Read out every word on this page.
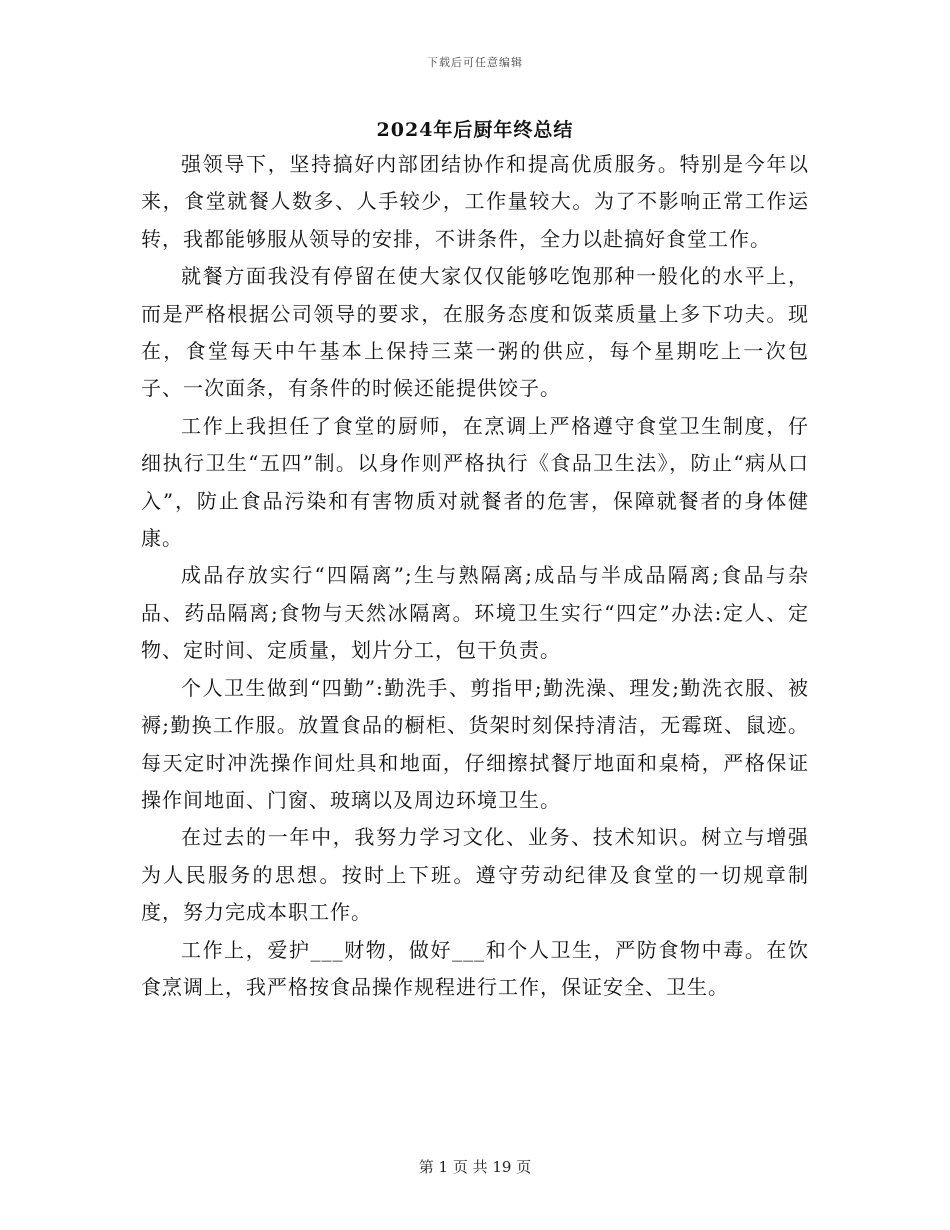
下载后可任意编辑
2024年后厨年终总结

强领导下，坚持搞好内部团结协作和提高优质服务。特别是今年以来，食堂就餐人数多、人手较少，工作量较大。为了不影响正常工作运转，我都能够服从领导的安排，不讲条件，全力以赴搞好食堂工作。

就餐方面我没有停留在使大家仅仅能够吃饱那种一般化的水平上，而是严格根据公司领导的要求，在服务态度和饭菜质量上多下功夫。现在，食堂每天中午基本上保持三菜一粥的供应，每个星期吃上一次包子、一次面条，有条件的时候还能提供饺子。

工作上我担任了食堂的厨师，在烹调上严格遵守食堂卫生制度，仔细执行卫生“五四”制。以身作则严格执行《食品卫生法》，防止“病从口入”，防止食品污染和有害物质对就餐者的危害，保障就餐者的身体健康。

成品存放实行“四隔离”;生与熟隔离;成品与半成品隔离;食品与杂品、药品隔离;食物与天然冰隔离。环境卫生实行“四定”办法:定人、定物、定时间、定质量，划片分工，包干负责。

个人卫生做到“四勤”:勤洗手、剪指甲;勤洗澡、理发;勤洗衣服、被褥;勤换工作服。放置食品的橱柜、货架时刻保持清洁，无霉斑、鼠迹。每天定时冲洗操作间灶具和地面，仔细擦拭餐厅地面和桌椅，严格保证操作间地面、门窗、玻璃以及周边环境卫生。

在过去的一年中，我努力学习文化、业务、技术知识。树立与增强为人民服务的思想。按时上下班。遵守劳动纪律及食堂的一切规章制度，努力完成本职工作。

工作上，爱护___财物，做好___和个人卫生，严防食物中毒。在饮食烹调上，我严格按食品操作规程进行工作，保证安全、卫生。

第 1 页 共 19 页
